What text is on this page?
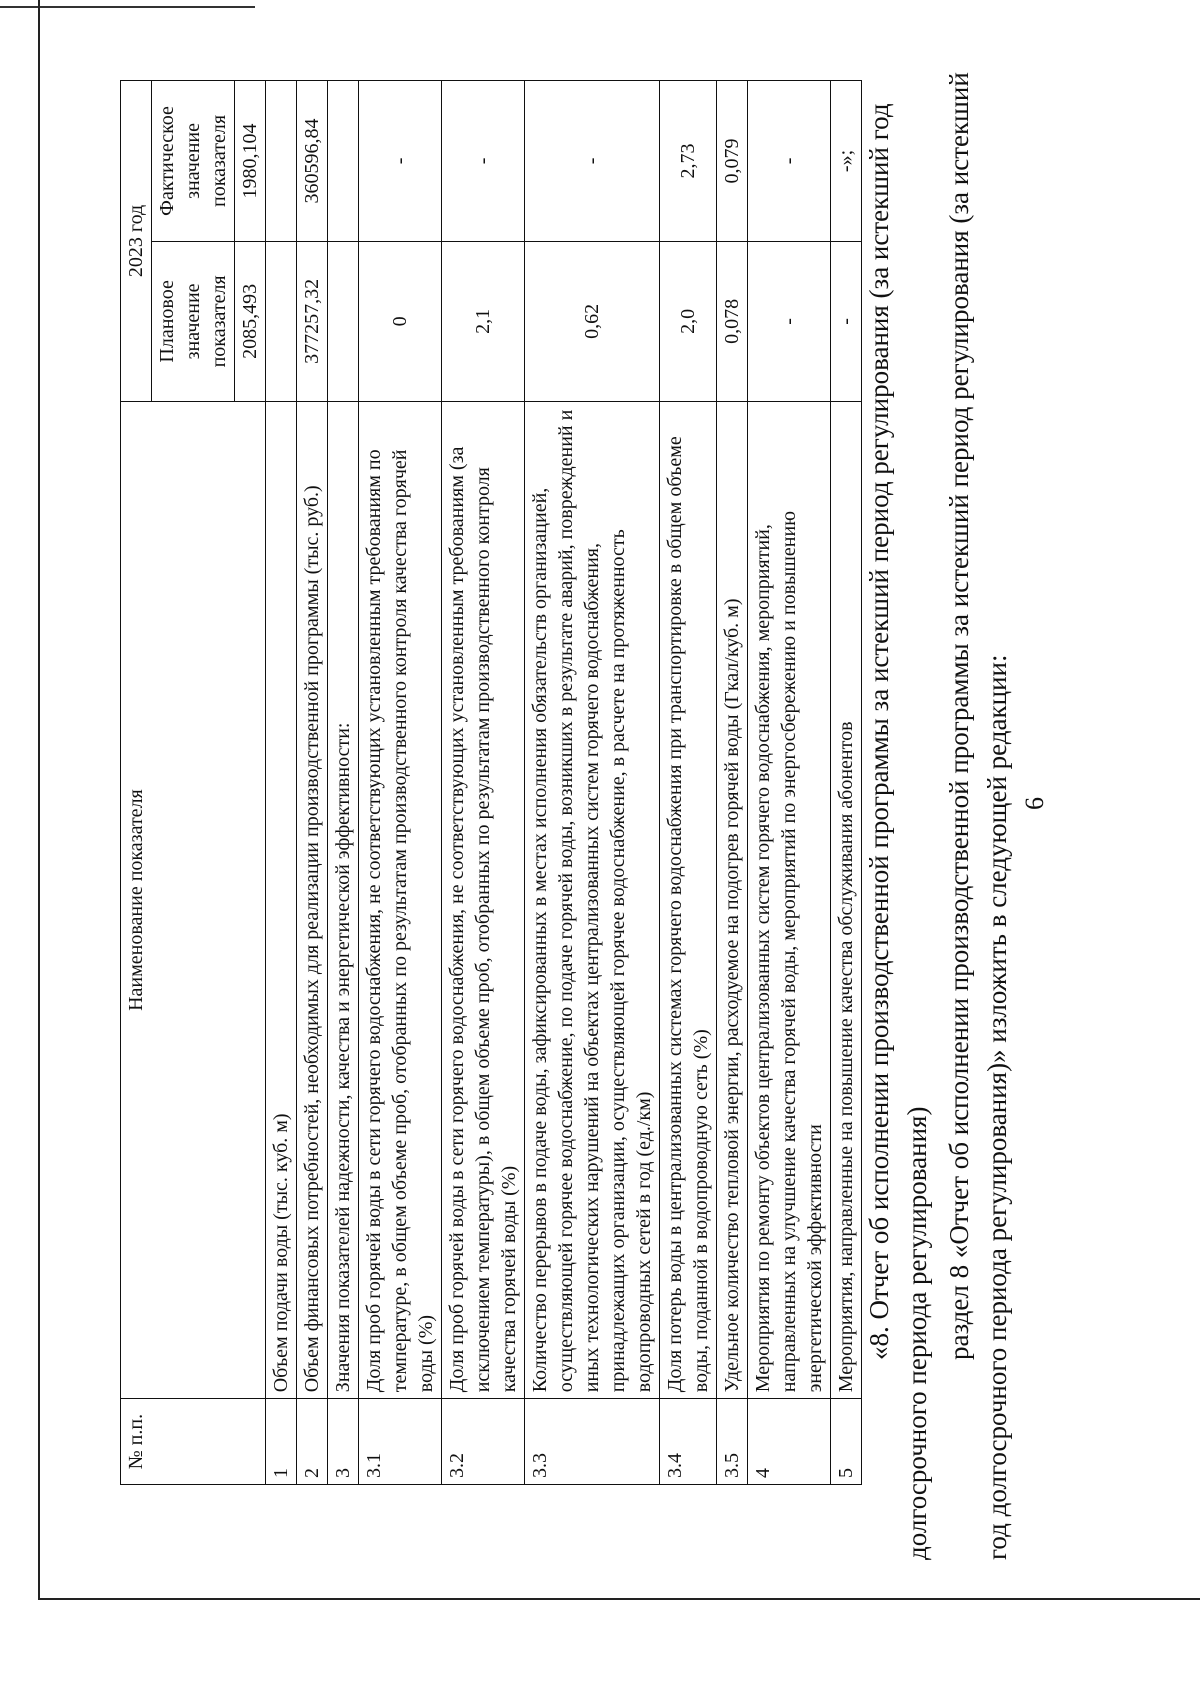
6
раздел 8 «Отчет об исполнении производственной программы за истекший период регулирования (за истекший год долгосрочного периода регулирования)» изложить в следующей редакции:
«8. Отчет об исполнении производственной программы за истекший период регулирования (за истекший год долгосрочного периода регулирования)
№ п.п.	Наименование показателя	2023 год	
		Плановое значение показателя	Фактическое значение показателя
		2085,493	1980,104
1	Объем подачи воды (тыс. куб. м)		
2	Объем финансовых потребностей, необходимых для реализации производственной программы (тыс. руб.)	377257,32	360596,84
3	Значения показателей надежности, качества и энергетической эффективности:		
3.1	Доля проб горячей воды в сети горячего водоснабжения, не соответствующих установленным требованиям по температуре, в общем объеме проб, отобранных по результатам производственного контроля качества горячей воды (%)	0	-
3.2	Доля проб горячей воды в сети горячего водоснабжения, не соответствующих установленным требованиям (за исключением температуры), в общем объеме проб, отобранных по результатам производственного контроля качества горячей воды (%)	2,1	-
3.3	Количество перерывов в подаче воды, зафиксированных в местах исполнения обязательств организацией, осуществляющей горячее водоснабжение, по подаче горячей воды, возникших в результате аварий, повреждений и иных технологических нарушений на объектах централизованных систем горячего водоснабжения, принадлежащих организации, осуществляющей горячее водоснабжение, в расчете на протяженность водопроводных сетей в год (ед./км)	0,62	-
3.4	Доля потерь воды в централизованных системах горячего водоснабжения при транспортировке в общем объеме воды, поданной в водопроводную сеть (%)	2,0	2,73
3.5	Удельное количество тепловой энергии, расходуемое на подогрев горячей воды (Гкал/куб. м)	0,078	0,079
4	Мероприятия по ремонту объектов централизованных систем горячего водоснабжения, мероприятий, направленных на улучшение качества горячей воды, мероприятий по энергосбережению и повышению энергетической эффективности	-	-
5	Мероприятия, направленные на повышение качества обслуживания абонентов	-	-»;
